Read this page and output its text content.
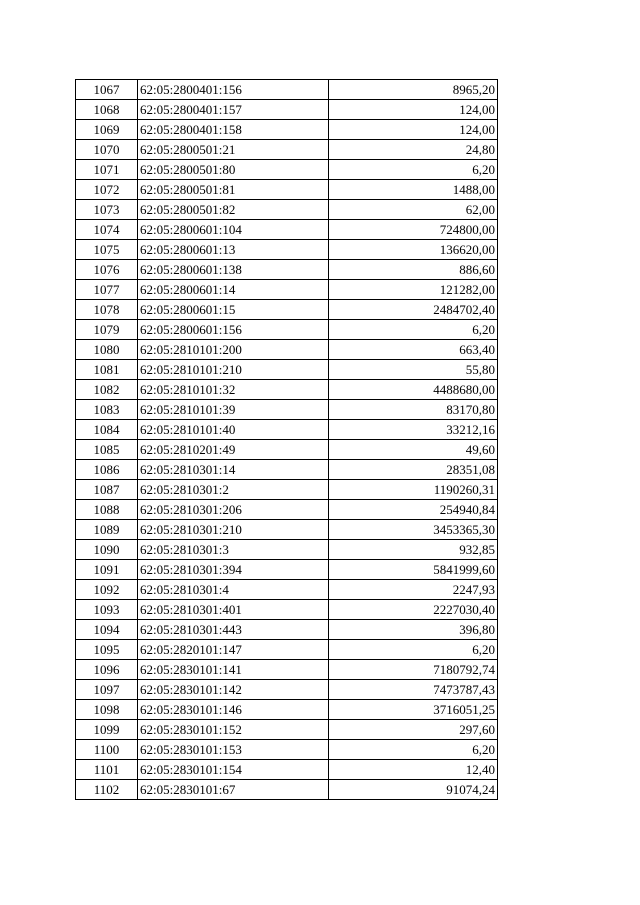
1067	62:05:2800401:156	8965,20
1068	62:05:2800401:157	124,00
1069	62:05:2800401:158	124,00
1070	62:05:2800501:21	24,80
1071	62:05:2800501:80	6,20
1072	62:05:2800501:81	1488,00
1073	62:05:2800501:82	62,00
1074	62:05:2800601:104	724800,00
1075	62:05:2800601:13	136620,00
1076	62:05:2800601:138	886,60
1077	62:05:2800601:14	121282,00
1078	62:05:2800601:15	2484702,40
1079	62:05:2800601:156	6,20
1080	62:05:2810101:200	663,40
1081	62:05:2810101:210	55,80
1082	62:05:2810101:32	4488680,00
1083	62:05:2810101:39	83170,80
1084	62:05:2810101:40	33212,16
1085	62:05:2810201:49	49,60
1086	62:05:2810301:14	28351,08
1087	62:05:2810301:2	1190260,31
1088	62:05:2810301:206	254940,84
1089	62:05:2810301:210	3453365,30
1090	62:05:2810301:3	932,85
1091	62:05:2810301:394	5841999,60
1092	62:05:2810301:4	2247,93
1093	62:05:2810301:401	2227030,40
1094	62:05:2810301:443	396,80
1095	62:05:2820101:147	6,20
1096	62:05:2830101:141	7180792,74
1097	62:05:2830101:142	7473787,43
1098	62:05:2830101:146	3716051,25
1099	62:05:2830101:152	297,60
1100	62:05:2830101:153	6,20
1101	62:05:2830101:154	12,40
1102	62:05:2830101:67	91074,24
